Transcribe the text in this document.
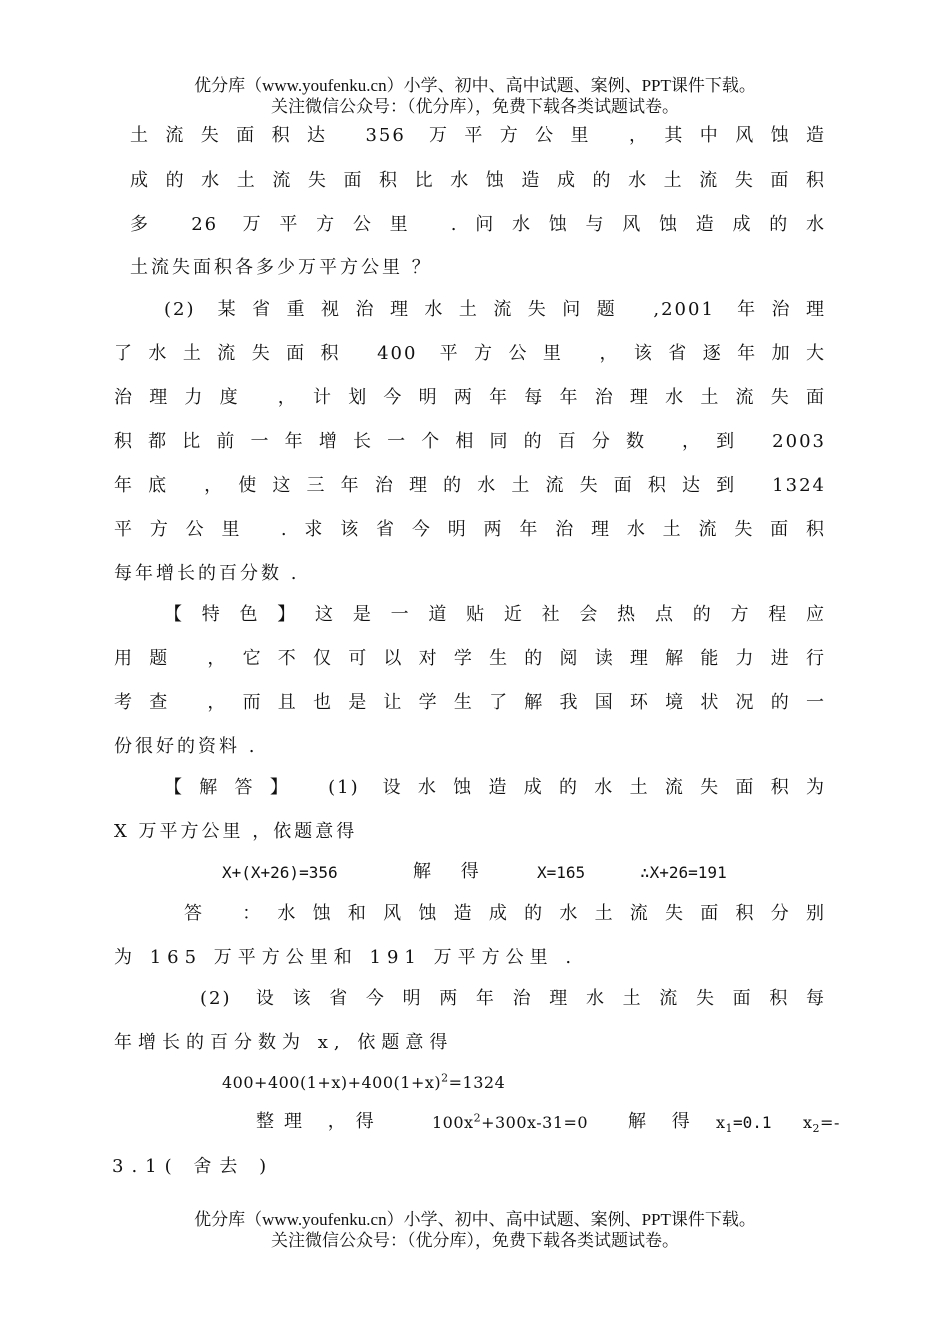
优分库（www.youfenku.cn）小学、初中、高中试题、案例、PPT课件下载。
关注微信公众号：（优分库），免费下载各类试题试卷。
土流失面积达 356 万平方公里 ，其中风蚀造
成的水土流失面积比水蚀造成的水土流失面积
多 26 万平方公里 .问水蚀与风蚀造成的水
土流失面积各多少万平方公里 ？
(2) 某省重视治理水土流失问题 ,2001 年治理
了水土流失面积 400 平方公里 ，该省逐年加大
治理力度 ，计划今明两年每年治理水土流失面
积都比前一年增长一个相同的百分数 ，到 2003
年底 ，使这三年治理的水土流失面积达到 1324
平方公里 .求该省今明两年治理水土流失面积
每年增长的百分数 .
【特色】这是一道贴近社会热点的方程应
用题 ，它不仅可以对学生的阅读理解能力进行
考查 ，而且也是让学生了解我国环境状况的一
份很好的资料 .
【解答】 (1) 设水蚀造成的水土流失面积为
X 万平方公里 ，依题意得
X+(X+26)=356	解 得	X=165	∴X+26=191
答 ：水蚀和风蚀造成的水土流失面积分别
为 165 万平方公里和 191 万平方公里 .
(2) 设该省今明两年治理水土流失面积每
年增长的百分数为 x, 依题意得
$400+400(1+x)+400(1+x)^2=1324$
整理 ，得	$100x^2+300x-31=0$ 解 得 $x_1=0.1$ $x_2=-$
3.1( 舍去 )
优分库（www.youfenku.cn）小学、初中、高中试题、案例、PPT课件下载。
关注微信公众号：（优分库），免费下载各类试题试卷。
